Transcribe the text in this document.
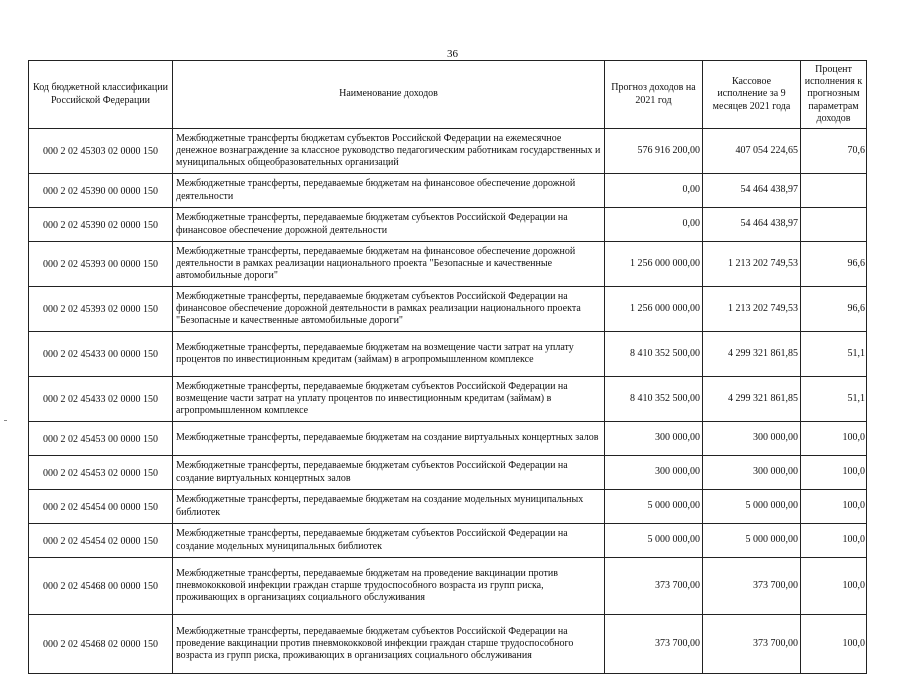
36
Код бюджетной классификации Российской Федерации	Наименование доходов	Прогноз доходов на 2021 год	Кассовое исполнение за 9 месяцев 2021 года	Процент исполнения к прогнозным параметрам доходов
000 2 02 45303 02 0000 150	Межбюджетные трансферты бюджетам субъектов Российской Федерации на ежемесячное денежное вознаграждение за классное руководство педагогическим работникам государственных и муниципальных общеобразовательных организаций	576 916 200,00	407 054 224,65	70,6
000 2 02 45390 00 0000 150	Межбюджетные трансферты, передаваемые бюджетам на финансовое обеспечение дорожной деятельности	0,00	54 464 438,97	
000 2 02 45390 02 0000 150	Межбюджетные трансферты, передаваемые бюджетам субъектов Российской Федерации на финансовое обеспечение дорожной деятельности	0,00	54 464 438,97	
000 2 02 45393 00 0000 150	Межбюджетные трансферты, передаваемые бюджетам на финансовое обеспечение дорожной деятельности в рамках реализации национального проекта "Безопасные и качественные автомобильные дороги"	1 256 000 000,00	1 213 202 749,53	96,6
000 2 02 45393 02 0000 150	Межбюджетные трансферты, передаваемые бюджетам субъектов Российской Федерации на финансовое обеспечение дорожной деятельности в рамках реализации национального проекта "Безопасные и качественные автомобильные дороги"	1 256 000 000,00	1 213 202 749,53	96,6
000 2 02 45433 00 0000 150	Межбюджетные трансферты, передаваемые бюджетам на возмещение части затрат на уплату процентов по инвестиционным кредитам (займам) в агропромышленном комплексе	8 410 352 500,00	4 299 321 861,85	51,1
000 2 02 45433 02 0000 150	Межбюджетные трансферты, передаваемые бюджетам субъектов Российской Федерации на возмещение части затрат на уплату процентов по инвестиционным кредитам (займам) в агропромышленном комплексе	8 410 352 500,00	4 299 321 861,85	51,1
000 2 02 45453 00 0000 150	Межбюджетные трансферты, передаваемые бюджетам на создание виртуальных концертных залов	300 000,00	300 000,00	100,0
000 2 02 45453 02 0000 150	Межбюджетные трансферты, передаваемые бюджетам субъектов Российской Федерации на создание виртуальных концертных залов	300 000,00	300 000,00	100,0
000 2 02 45454 00 0000 150	Межбюджетные трансферты, передаваемые бюджетам на создание модельных муниципальных библиотек	5 000 000,00	5 000 000,00	100,0
000 2 02 45454 02 0000 150	Межбюджетные трансферты, передаваемые бюджетам субъектов Российской Федерации на создание модельных муниципальных библиотек	5 000 000,00	5 000 000,00	100,0
000 2 02 45468 00 0000 150	Межбюджетные трансферты, передаваемые бюджетам на проведение вакцинации против пневмококковой инфекции граждан старше трудоспособного возраста из групп риска, проживающих в организациях социального обслуживания	373 700,00	373 700,00	100,0
000 2 02 45468 02 0000 150	Межбюджетные трансферты, передаваемые бюджетам субъектов Российской Федерации на проведение вакцинации против пневмококковой инфекции граждан старше трудоспособного возраста из групп риска, проживающих в организациях социального обслуживания	373 700,00	373 700,00	100,0
